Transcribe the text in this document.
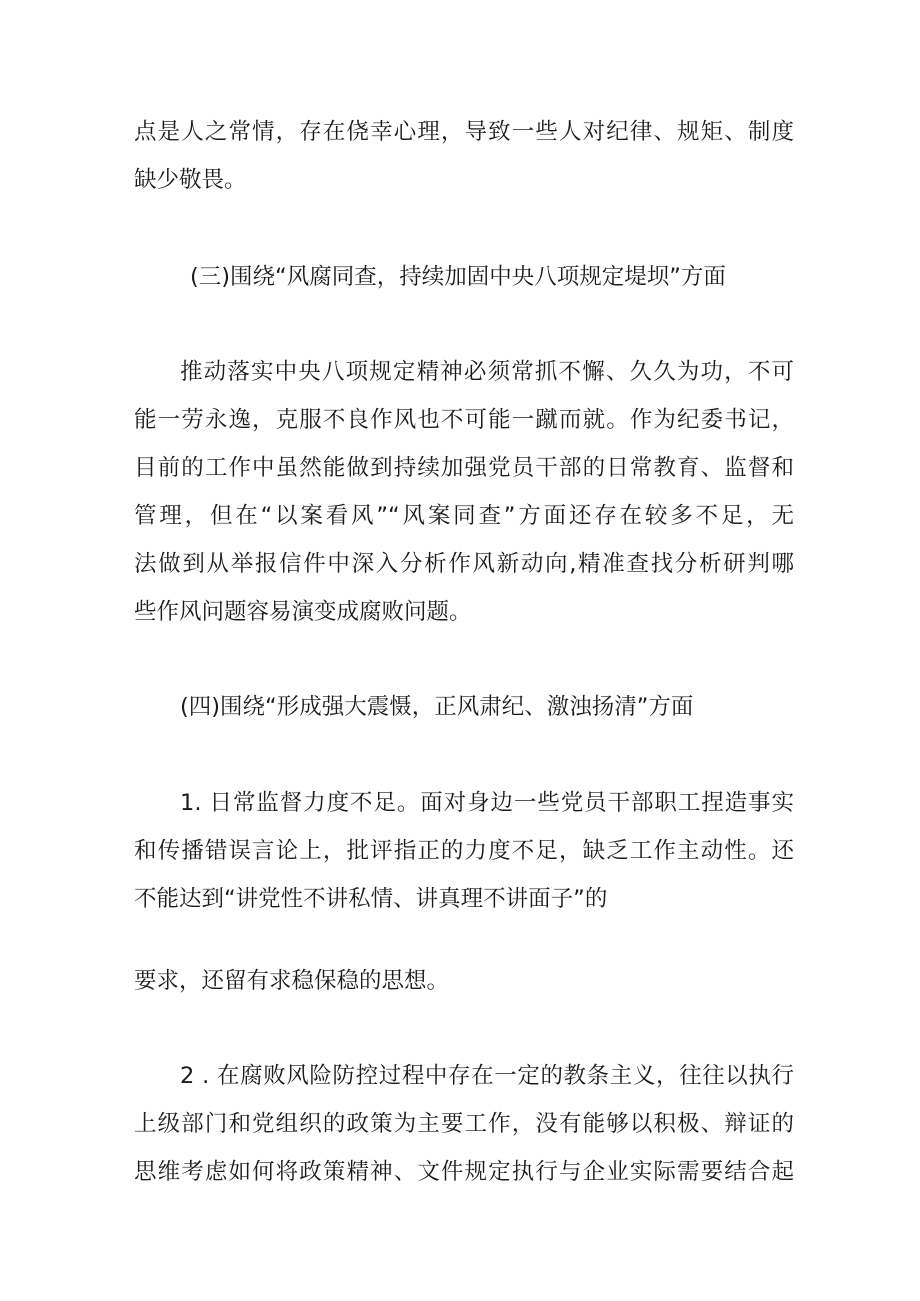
点是人之常情，存在侥幸心理，导致一些人对纪律、规矩、制度
缺少敬畏。
(三)围绕“风腐同查，持续加固中央八项规定堤坝”方面
推动落实中央八项规定精神必须常抓不懈、久久为功，不可
能一劳永逸，克服不良作风也不可能一蹴而就。作为纪委书记，
目前的工作中虽然能做到持续加强党员干部的日常教育、监督和
管理，但在“以案看风”“风案同查”方面还存在较多不足，无
法做到从举报信件中深入分析作风新动向,精准查找分析研判哪
些作风问题容易演变成腐败问题。
(四)围绕“形成强大震慑，正风肃纪、激浊扬清”方面
1. 日常监督力度不足。面对身边一些党员干部职工捏造事实
和传播错误言论上，批评指正的力度不足，缺乏工作主动性。还
不能达到“讲党性不讲私情、讲真理不讲面子”的
要求，还留有求稳保稳的思想。
2 . 在腐败风险防控过程中存在一定的教条主义，往往以执行
上级部门和党组织的政策为主要工作，没有能够以积极、辩证的
思维考虑如何将政策精神、文件规定执行与企业实际需要结合起
